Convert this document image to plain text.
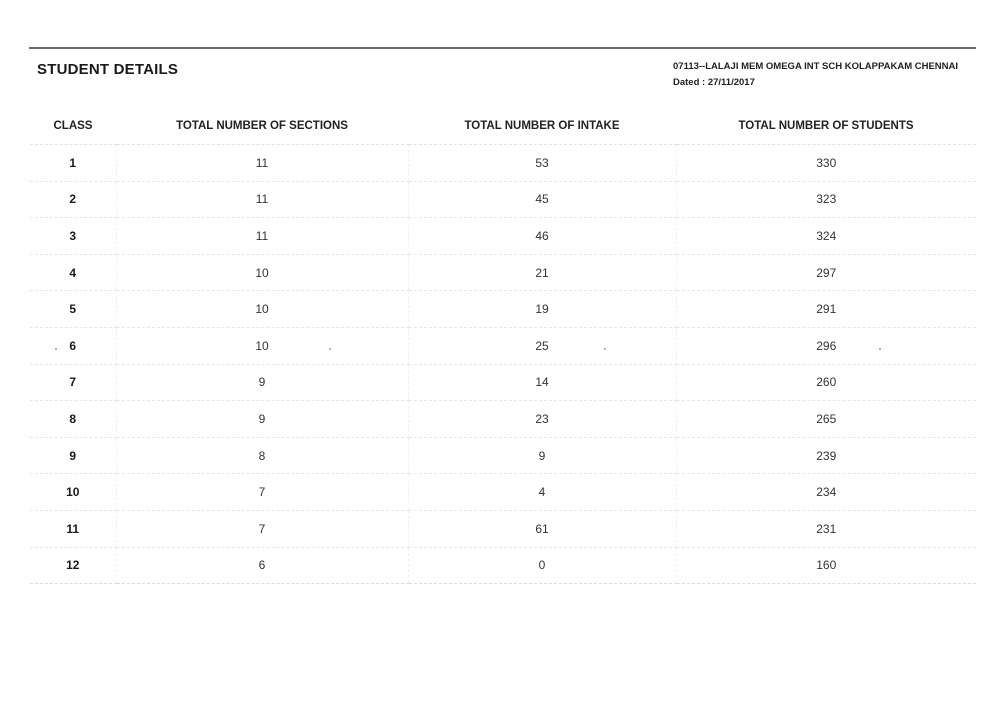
STUDENT DETAILS	07113--LALAJI MEM OMEGA INT SCH KOLAPPAKAM CHENNAI
Dated : 27/11/2017
CLASS	TOTAL NUMBER OF SECTIONS	TOTAL NUMBER OF INTAKE	TOTAL NUMBER OF STUDENTS
1	11	53	330
2	11	45	323
3	11	46	324
4	10	21	297
5	10	19	291
6	10	25	296
7	9	14	260
8	9	23	265
9	8	9	239
10	7	4	234
11	7	61	231
12	6	0	160
